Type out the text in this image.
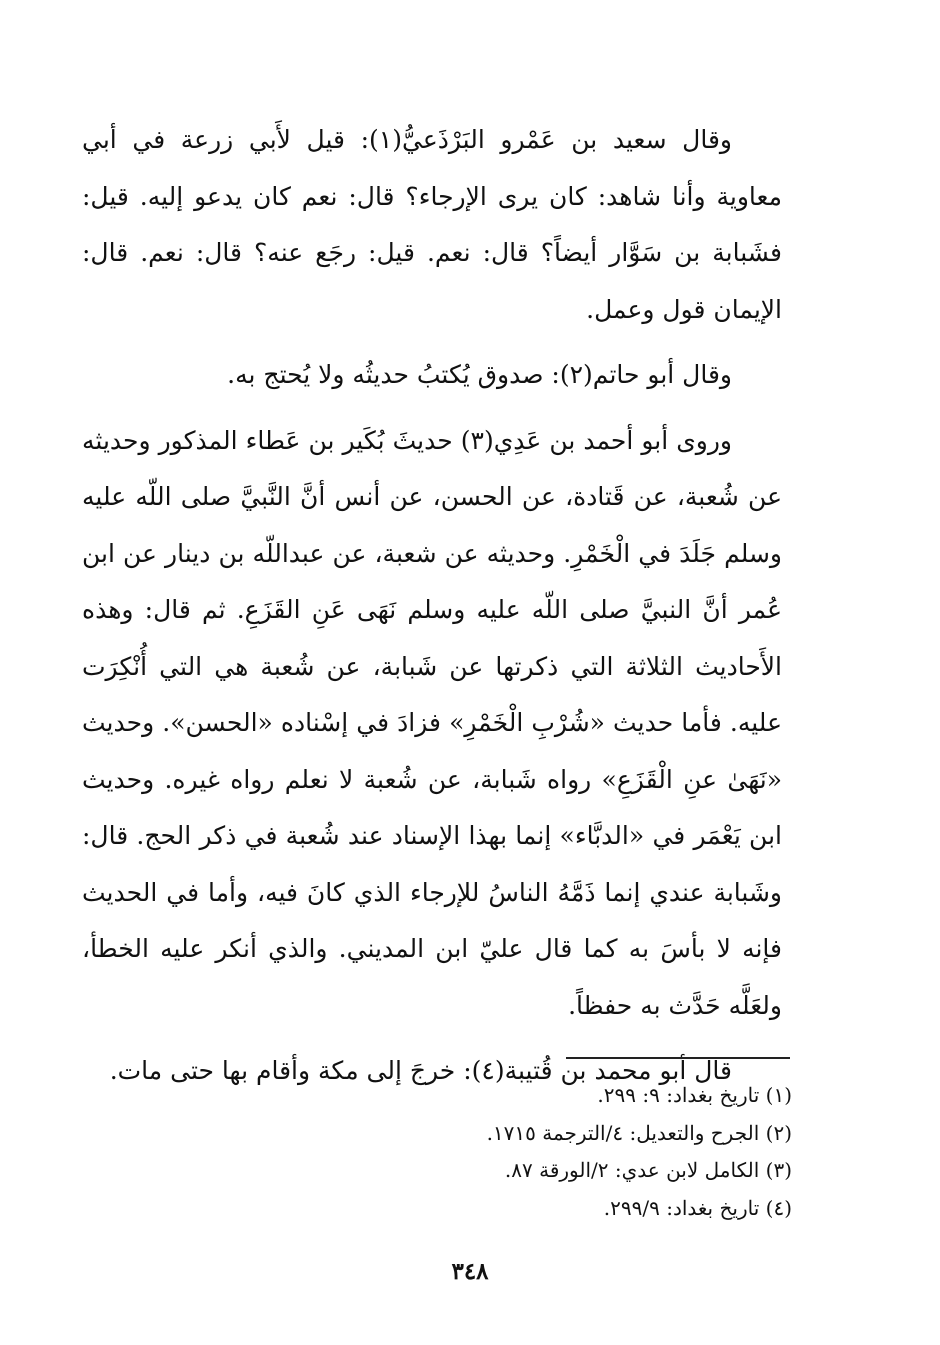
وقال سعيد بن عَمْرو البَرْذَعيُّ(١): قيل لأَبي زرعة في أبي معاوية وأنا شاهد: كان يرى الإرجاء؟ قال: نعم كان يدعو إليه. قيل: فشَبابة بن سَوَّار أيضاً؟ قال: نعم. قيل: رجَع عنه؟ قال: نعم. قال: الإيمان قول وعمل.

وقال أبو حاتم(٢): صدوق يُكتبُ حديثُه ولا يُحتج به.

وروى أبو أحمد بن عَدِي(٣) حديثَ بُكَير بن عَطاء المذكور وحديثه عن شُعبة، عن قَتادة، عن الحسن، عن أنس أنَّ النَّبيَّ صلى اللّه عليه وسلم جَلَدَ في الْخَمْرِ. وحديثه عن شعبة، عن عبداللّه بن دينار عن ابن عُمر أنَّ النبيَّ صلى اللّه عليه وسلم نَهَى عَنِ القَزَعِ. ثم قال: وهذه الأَحاديث الثلاثة التي ذكرتها عن شَبابة، عن شُعبة هي التي أُنْكِرَت عليه. فأما حديث «شُرْبِ الْخَمْرِ» فزادَ في إسْناده «الحسن». وحديث «نَهَىٰ عنِ الْقَزَعِ» رواه شَبابة، عن شُعبة لا نعلم رواه غيره. وحديث ابن يَعْمَر في «الدبَّاء» إنما بهذا الإسناد عند شُعبة في ذكر الحج. قال: وشَبابة عندي إنما ذَمَّهُ الناسُ للإرجاء الذي كانَ فيه، وأما في الحديث فإنه لا بأسَ به كما قال عليّ ابن المديني. والذي أنكر عليه الخطأ، ولعَلَّه حَدَّث به حفظاً.

قال أبو محمد بن قُتيبة(٤): خرجَ إلى مكة وأقام بها حتى مات.

(١) تاريخ بغداد: ٩: ٢٩٩.

(٢) الجرح والتعديل: ٤/الترجمة ١٧١٥.

(٣) الكامل لابن عدي: ٢/الورقة ٨٧.

(٤) تاريخ بغداد: ٢٩٩/٩.

٣٤٨
